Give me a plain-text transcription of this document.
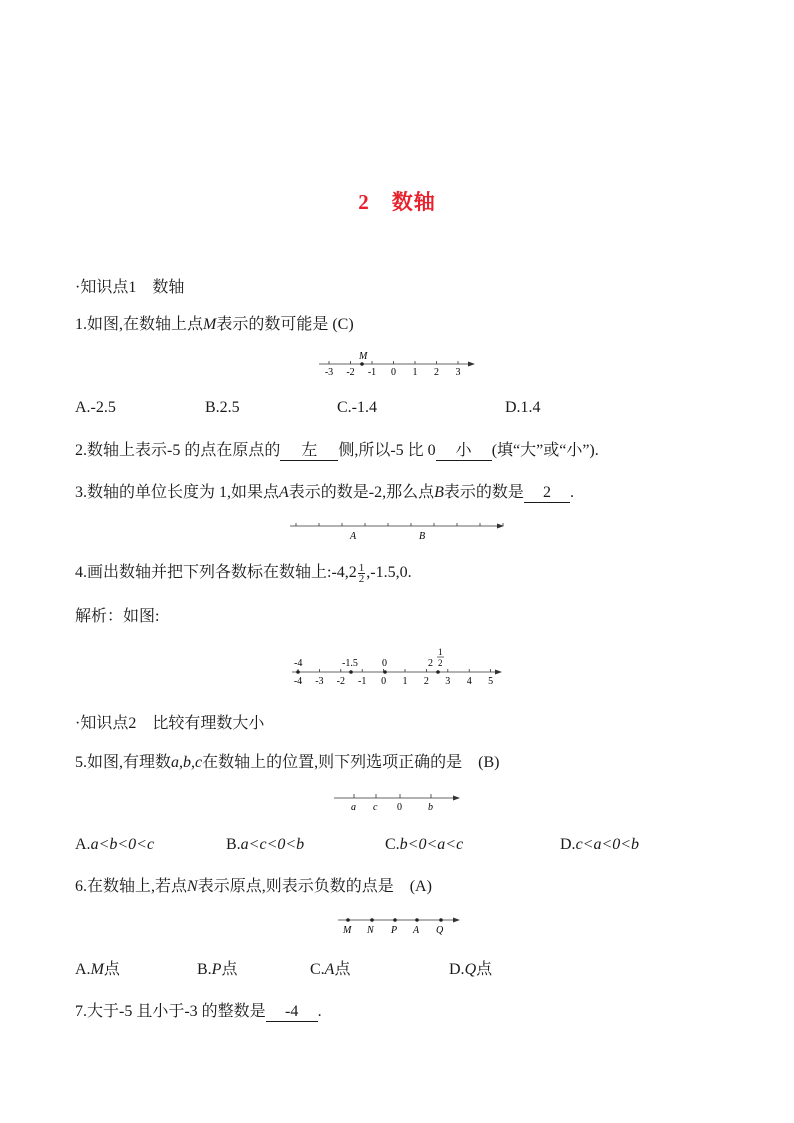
2 数轴
·知识点1　数轴
1.如图,在数轴上点M表示的数可能是 (C)
-3 -2 -1 0 1 2 3
M
A.-2.5	B.2.5	C.-1.4	D.1.4
2.数轴上表示-5 的点在原点的 左 侧,所以-5 比 0 小 (填“大”或“小”).
3.数轴的单位长度为 1,如果点A表示的数是-2,那么点B表示的数是 2 .
A	B
4.画出数轴并把下列各数标在数轴上:-4,2 $\frac{1}{2} ,-1.5,0$.
解析：如图:
-4 -3 -2 -1 0 1 2 3 4 5
-4	-1.5 0	2
1
2
·知识点2　比较有理数大小
5.如图,有理数a,b,c在数轴上的位置,则下列选项正确的是　(B)
a c 0	b
A.a<b<0<c	B.a<c<0<b	C.b<0<a<c	D.c<a<0<b
6.在数轴上,若点N表示原点,则表示负数的点是　(A)
M N P A Q
A.M点	B.P点	C.A点	D.Q点
7.大于-5 且小于-3 的整数是 -4 .
